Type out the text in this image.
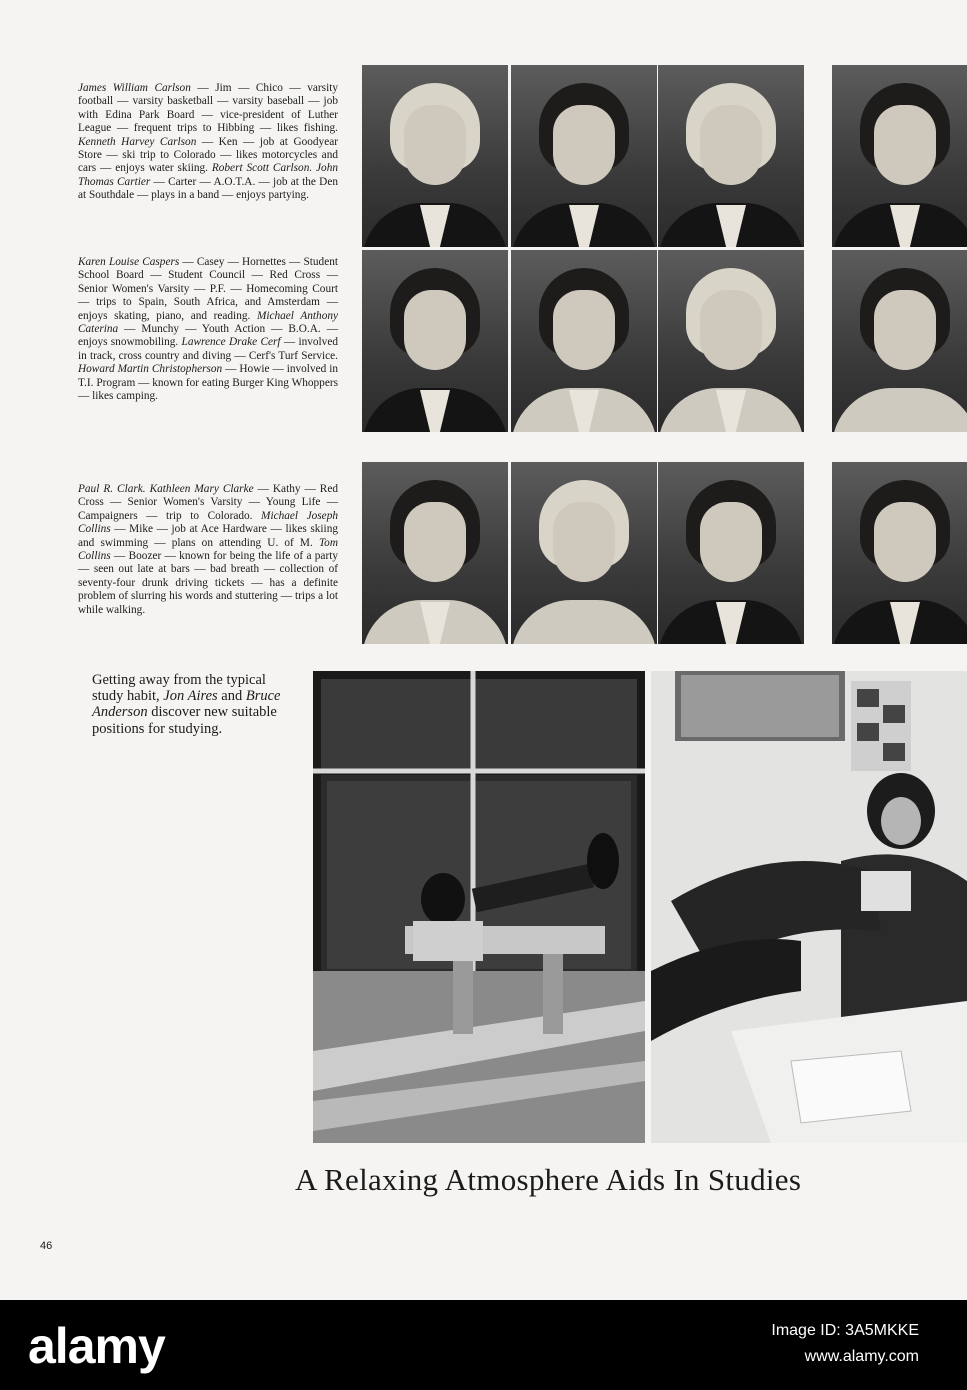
James William Carlson — Jim — Chico — varsity football — varsity basketball — varsity baseball — job with Edina Park Board — vice-president of Luther League — frequent trips to Hibbing — likes fishing. Kenneth Harvey Carlson — Ken — job at Goodyear Store — ski trip to Colorado — likes motorcycles and cars — enjoys water skiing. Robert Scott Carlson. John Thomas Cartier — Carter — A.O.T.A. — job at the Den at Southdale — plays in a band — enjoys partying.

Karen Louise Caspers — Casey — Hornettes — Student School Board — Student Council — Red Cross — Senior Women's Varsity — P.F. — Homecoming Court — trips to Spain, South Africa, and Amsterdam — enjoys skating, piano, and reading. Michael Anthony Caterina — Munchy — Youth Action — B.O.A. — enjoys snowmobiling. Lawrence Drake Cerf — involved in track, cross country and diving — Cerf's Turf Service. Howard Martin Christopherson — Howie — involved in T.I. Program — known for eating Burger King Whoppers — likes camping.

Paul R. Clark. Kathleen Mary Clarke — Kathy — Red Cross — Senior Women's Varsity — Young Life — Campaigners — trip to Colorado. Michael Joseph Collins — Mike — job at Ace Hardware — likes skiing and swimming — plans on attending U. of M. Tom Collins — Boozer — known for being the life of a party — seen out late at bars — bad breath — collection of seventy-four drunk driving tickets — has a definite problem of slurring his words and stuttering — trips a lot while walking.

Getting away from the typical study habit, Jon Aires and Bruce Anderson discover new suitable positions for studying.

A Relaxing Atmosphere Aids In Studies
46
alamy	Image ID: 3A5MKKE
www.alamy.com
